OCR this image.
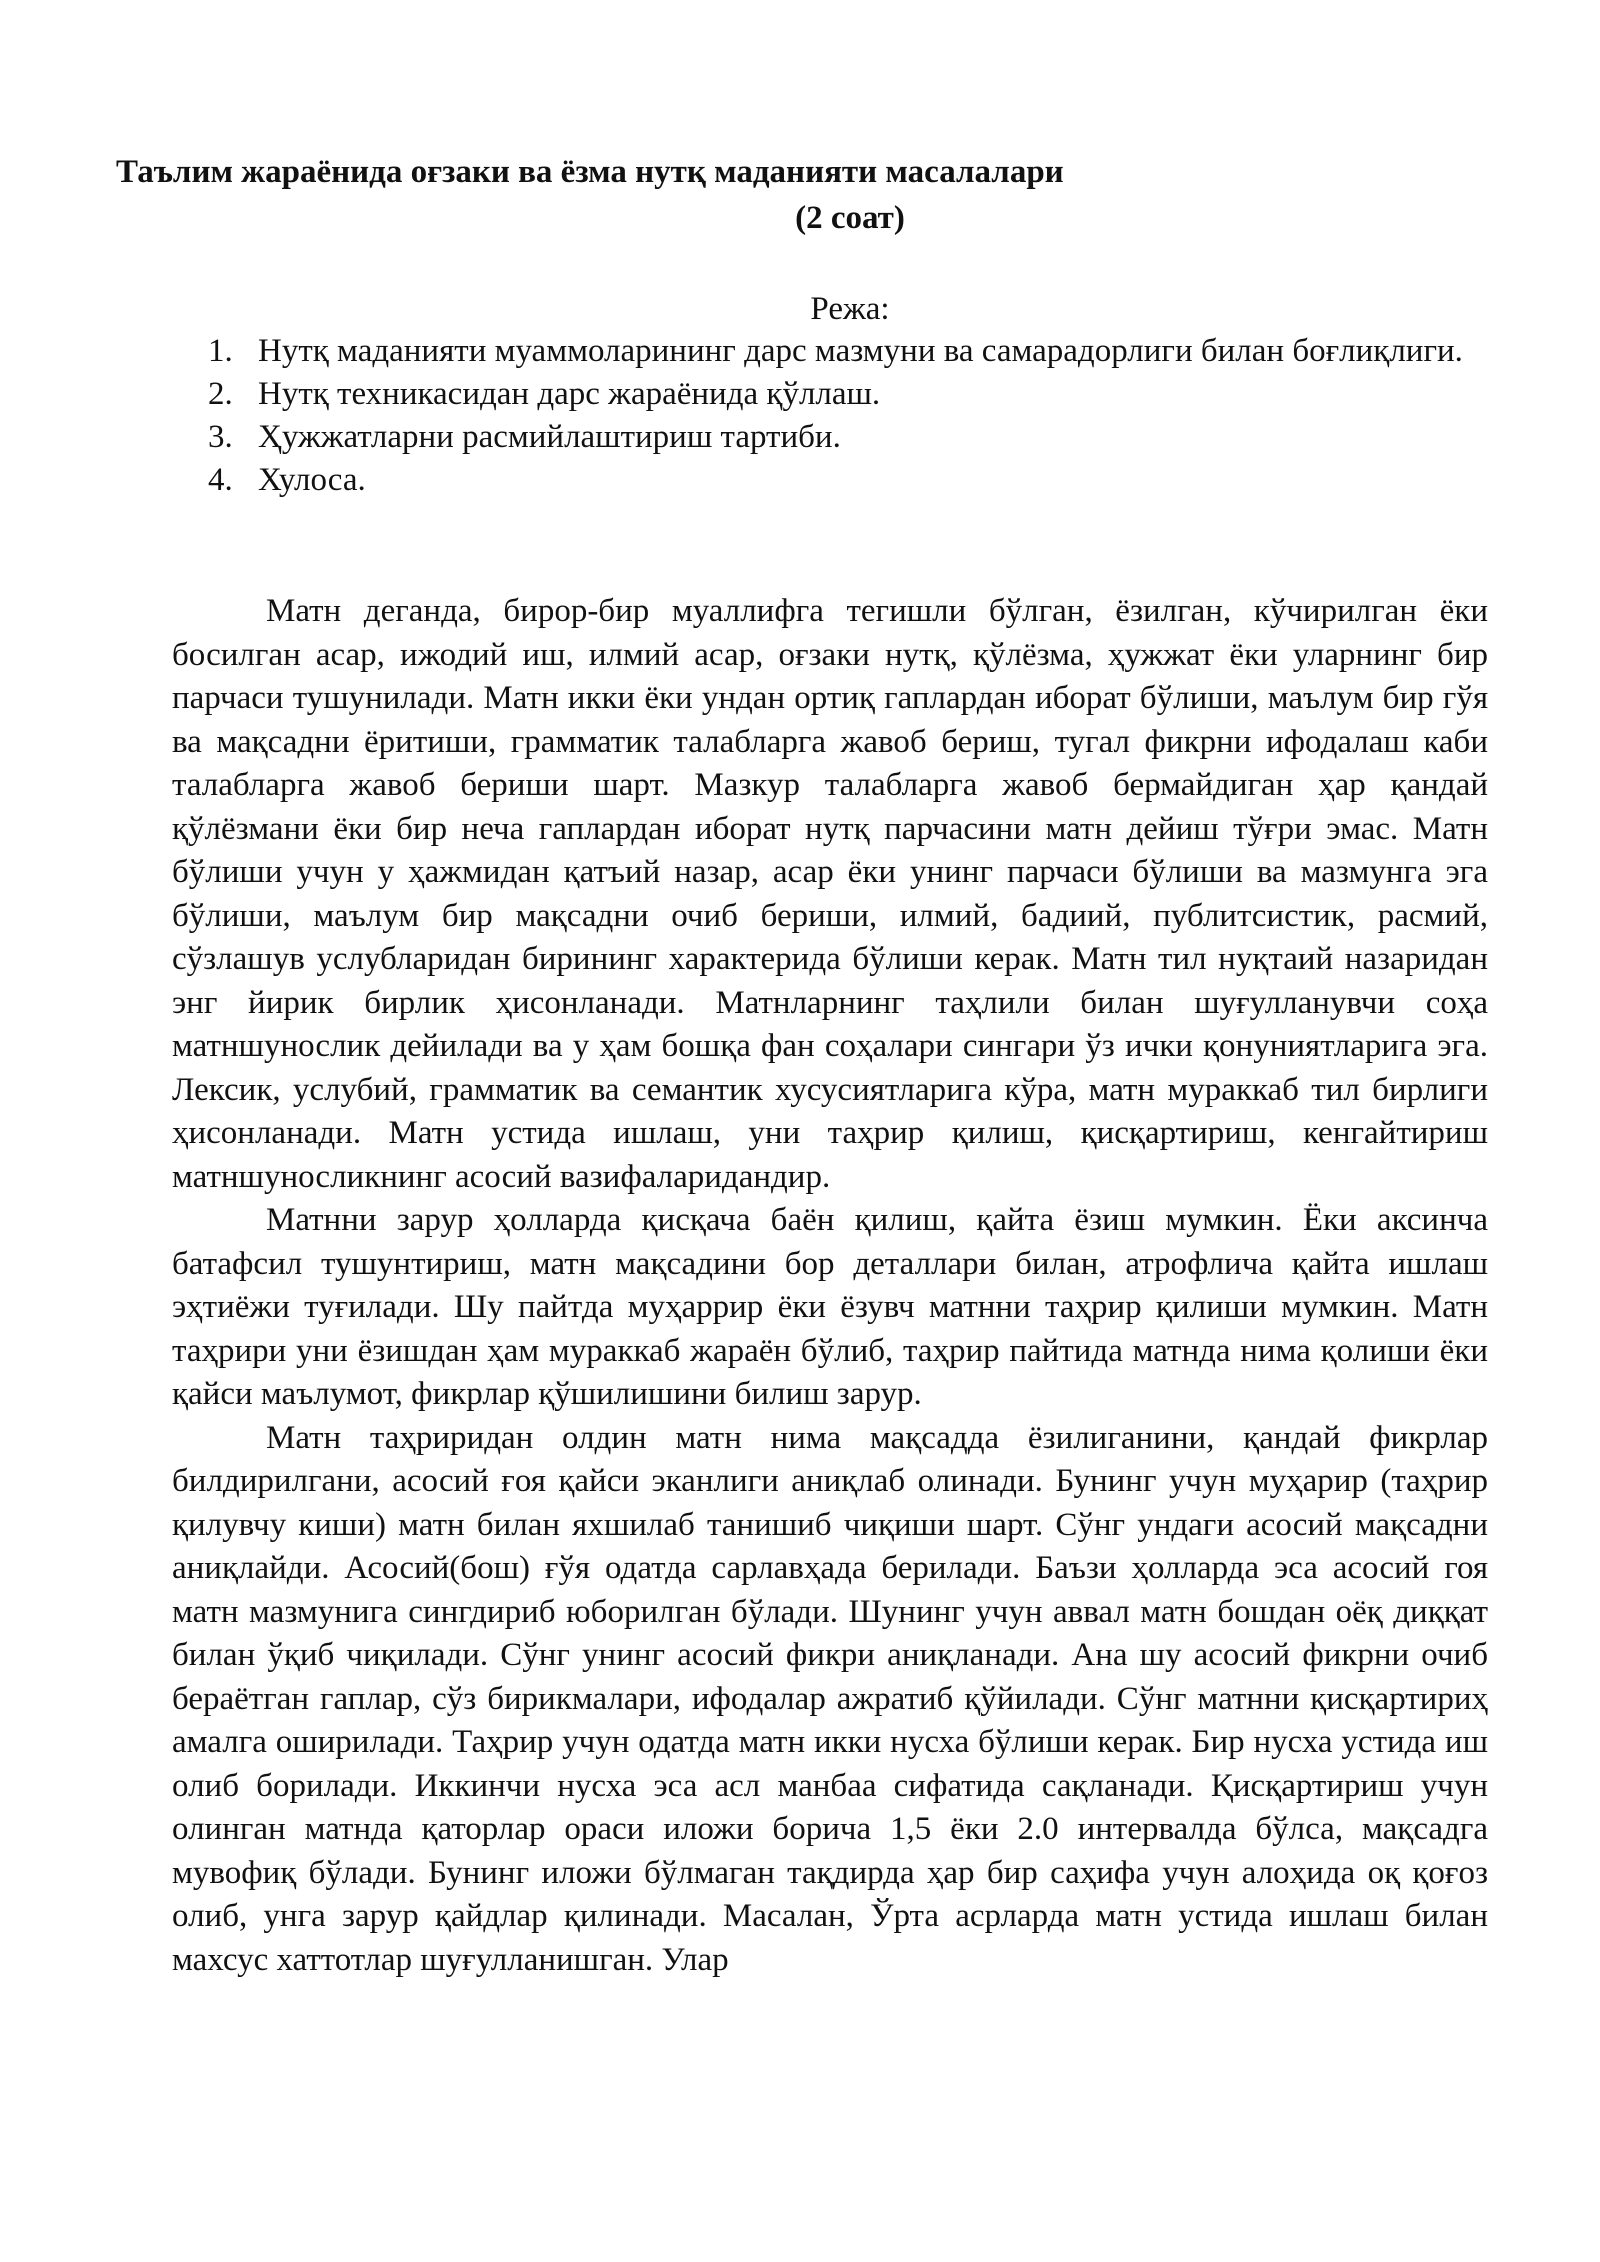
Таълим жараёнида оғзаки ва ёзма нутқ маданияти масалалари
(2 соат)
Режа:
1. Нутқ маданияти муаммоларининг дарс мазмуни ва самарадорлиги билан боғлиқлиги.
2. Нутқ техникасидан дарс жараёнида қўллаш.
3. Ҳужжатларни расмийлаштириш тартиби.
4. Хулоса.

Матн деганда, бирор-бир муаллифга тегишли бўлган, ёзилган, кўчирилган ёки босилган асар, ижодий иш, илмий асар, оғзаки нутқ, қўлёзма, ҳужжат ёки уларнинг бир парчаси тушунилади. Матн икки ёки ундан ортиқ гаплардан иборат бўлиши, маълум бир гўя ва мақсадни ёритиши, грамматик талабларга жавоб бериш, тугал фикрни ифодалаш каби талабларга жавоб бериши шарт. Мазкур талабларга жавоб бермайдиган ҳар қандай қўлёзмани ёки бир неча гаплардан иборат нутқ парчасини матн дейиш тўғри эмас. Матн бўлиши учун у ҳажмидан қатъий назар, асар ёки унинг парчаси бўлиши ва мазмунга эга бўлиши, маълум бир мақсадни очиб бериши, илмий, бадиий, публитсистик, расмий, сўзлашув услубларидан бирининг характерида бўлиши керак. Матн тил нуқтаий назаридан энг йирик бирлик ҳисонланади. Матнларнинг таҳлили билан шуғулланувчи соҳа матншунослик дейилади ва у ҳам бошқа фан соҳалари сингари ўз ички қонуниятларига эга. Лексик, услубий, грамматик ва семантик хусусиятларига кўра, матн мураккаб тил бирлиги ҳисонланади. Матн устида ишлаш, уни таҳрир қилиш, қисқартириш, кенгайтириш матншуносликнинг асосий вазифаларидандир.

Матнни зарур ҳолларда қисқача баён қилиш, қайта ёзиш мумкин. Ёки аксинча батафсил тушунтириш, матн мақсадини бор деталлари билан, атрофлича қайта ишлаш эҳтиёжи туғилади. Шу пайтда муҳаррир ёки ёзувч матнни таҳрир қилиши мумкин. Матн таҳрири уни ёзишдан ҳам мураккаб жараён бўлиб, таҳрир пайтида матнда нима қолиши ёки қайси маълумот, фикрлар қўшилишини билиш зарур.

Матн таҳриридан олдин матн нима мақсадда ёзилиганини, қандай фикрлар билдирилгани, асосий ғоя қайси эканлиги аниқлаб олинади. Бунинг учун муҳарир (таҳрир қилувчу киши) матн билан яхшилаб танишиб чиқиши шарт. Сўнг ундаги асосий мақсадни аниқлайди. Асосий(бош) ғўя одатда сарлавҳада берилади. Баъзи ҳолларда эса асосий гоя матн мазмунига сингдириб юборилган бўлади. Шунинг учун аввал матн бошдан оёқ диққат билан ўқиб чиқилади. Сўнг унинг асосий фикри аниқланади. Ана шу асосий фикрни очиб бераётган гаплар, сўз бирикмалари, ифодалар ажратиб қўйилади. Сўнг матнни қисқартириҳ амалга оширилади. Таҳрир учун одатда матн икки нусха бўлиши керак. Бир нусха устида иш олиб борилади. Иккинчи нусха эса асл манбаа сифатида сақланади. Қисқартириш учун олинган матнда қаторлар ораси иложи борича 1,5 ёки 2.0 интервалда бўлса, мақсадга мувофиқ бўлади. Бунинг иложи бўлмаган тақдирда ҳар бир саҳифа учун алоҳида оқ қоғоз олиб, унга зарур қайдлар қилинади. Масалан, Ўрта асрларда матн устида ишлаш билан махсус хаттотлар шуғулланишган. Улар
